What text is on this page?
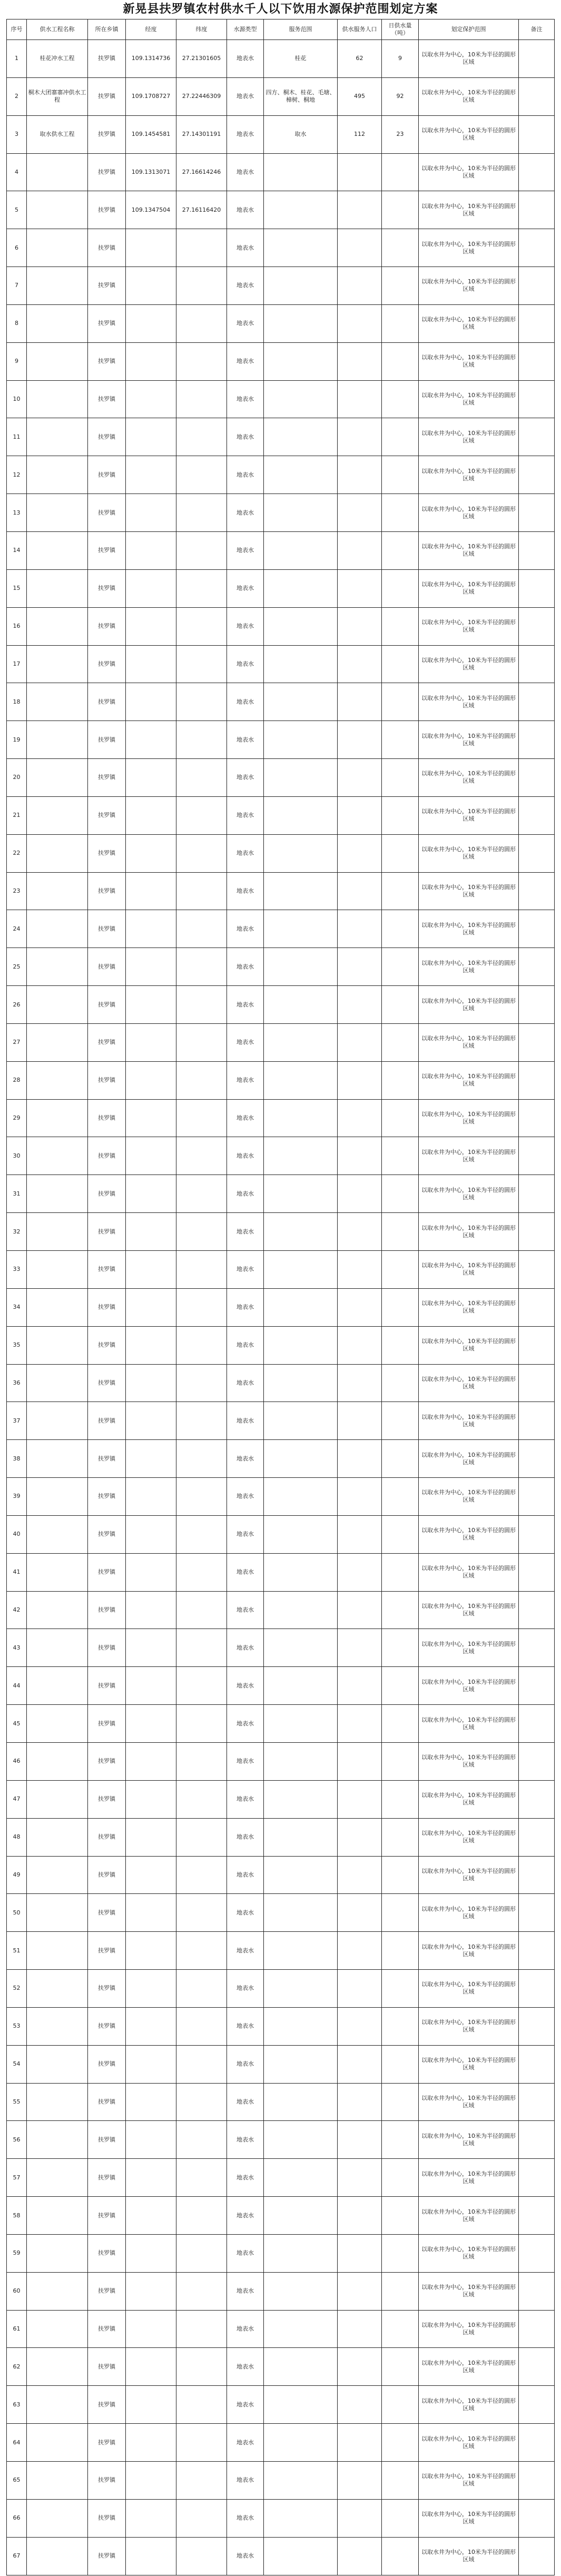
新晃县扶罗镇农村供水千人以下饮用水源保护范围划定方案
序号	供水工程名称	所在乡镇	经度	纬度	水源类型	服务范围	供水服务人口	日供水量（吨）	划定保护范围	备注
1	桂花冲水工程	扶罗镇	109.1314736	27.21301605	地表水	桂花	62	9	以取水井为中心，10米为半径的圆形区域	
2	桐木大团寨寨冲供水工程	扶罗镇	109.1708727	27.22446309	地表水	四方、桐木、桂花、毛塘、樟树、桐地	495	92	以取水井为中心，10米为半径的圆形区域	
3	取水供水工程	扶罗镇	109.1454581	27.14301191	地表水	取水	112	23	以取水井为中心，10米为半径的圆形区域	
4		扶罗镇	109.1313071	27.16614246	地表水				以取水井为中心，10米为半径的圆形区域	
5		扶罗镇	109.1347504	27.16116420	地表水				以取水井为中心，10米为半径的圆形区域	
6		扶罗镇			地表水				以取水井为中心，10米为半径的圆形区域	
7		扶罗镇			地表水				以取水井为中心，10米为半径的圆形区域	
8		扶罗镇			地表水				以取水井为中心，10米为半径的圆形区域	
9		扶罗镇			地表水				以取水井为中心，10米为半径的圆形区域	
10		扶罗镇			地表水				以取水井为中心，10米为半径的圆形区域	
11		扶罗镇			地表水				以取水井为中心，10米为半径的圆形区域	
12		扶罗镇			地表水				以取水井为中心，10米为半径的圆形区域	
13		扶罗镇			地表水				以取水井为中心，10米为半径的圆形区域	
14		扶罗镇			地表水				以取水井为中心，10米为半径的圆形区域	
15		扶罗镇			地表水				以取水井为中心，10米为半径的圆形区域	
16		扶罗镇			地表水				以取水井为中心，10米为半径的圆形区域	
17		扶罗镇			地表水				以取水井为中心，10米为半径的圆形区域	
18		扶罗镇			地表水				以取水井为中心，10米为半径的圆形区域	
19		扶罗镇			地表水				以取水井为中心，10米为半径的圆形区域	
20		扶罗镇			地表水				以取水井为中心，10米为半径的圆形区域	
21		扶罗镇			地表水				以取水井为中心，10米为半径的圆形区域	
22		扶罗镇			地表水				以取水井为中心，10米为半径的圆形区域	
23		扶罗镇			地表水				以取水井为中心，10米为半径的圆形区域	
24		扶罗镇			地表水				以取水井为中心，10米为半径的圆形区域	
25		扶罗镇			地表水				以取水井为中心，10米为半径的圆形区域	
26		扶罗镇			地表水				以取水井为中心，10米为半径的圆形区域	
27		扶罗镇			地表水				以取水井为中心，10米为半径的圆形区域	
28		扶罗镇			地表水				以取水井为中心，10米为半径的圆形区域	
29		扶罗镇			地表水				以取水井为中心，10米为半径的圆形区域	
30		扶罗镇			地表水				以取水井为中心，10米为半径的圆形区域	
31		扶罗镇			地表水				以取水井为中心，10米为半径的圆形区域	
32		扶罗镇			地表水				以取水井为中心，10米为半径的圆形区域	
33		扶罗镇			地表水				以取水井为中心，10米为半径的圆形区域	
34		扶罗镇			地表水				以取水井为中心，10米为半径的圆形区域	
35		扶罗镇			地表水				以取水井为中心，10米为半径的圆形区域	
36		扶罗镇			地表水				以取水井为中心，10米为半径的圆形区域	
37		扶罗镇			地表水				以取水井为中心，10米为半径的圆形区域	
38		扶罗镇			地表水				以取水井为中心，10米为半径的圆形区域	
39		扶罗镇			地表水				以取水井为中心，10米为半径的圆形区域	
40		扶罗镇			地表水				以取水井为中心，10米为半径的圆形区域	
41		扶罗镇			地表水				以取水井为中心，10米为半径的圆形区域	
42		扶罗镇			地表水				以取水井为中心，10米为半径的圆形区域	
43		扶罗镇			地表水				以取水井为中心，10米为半径的圆形区域	
44		扶罗镇			地表水				以取水井为中心，10米为半径的圆形区域	
45		扶罗镇			地表水				以取水井为中心，10米为半径的圆形区域	
46		扶罗镇			地表水				以取水井为中心，10米为半径的圆形区域	
47		扶罗镇			地表水				以取水井为中心，10米为半径的圆形区域	
48		扶罗镇			地表水				以取水井为中心，10米为半径的圆形区域	
49		扶罗镇			地表水				以取水井为中心，10米为半径的圆形区域	
50		扶罗镇			地表水				以取水井为中心，10米为半径的圆形区域	
51		扶罗镇			地表水				以取水井为中心，10米为半径的圆形区域	
52		扶罗镇			地表水				以取水井为中心，10米为半径的圆形区域	
53		扶罗镇			地表水				以取水井为中心，10米为半径的圆形区域	
54		扶罗镇			地表水				以取水井为中心，10米为半径的圆形区域	
55		扶罗镇			地表水				以取水井为中心，10米为半径的圆形区域	
56		扶罗镇			地表水				以取水井为中心，10米为半径的圆形区域	
57		扶罗镇			地表水				以取水井为中心，10米为半径的圆形区域	
58		扶罗镇			地表水				以取水井为中心，10米为半径的圆形区域	
59		扶罗镇			地表水				以取水井为中心，10米为半径的圆形区域	
60		扶罗镇			地表水				以取水井为中心，10米为半径的圆形区域	
61		扶罗镇			地表水				以取水井为中心，10米为半径的圆形区域	
62		扶罗镇			地表水				以取水井为中心，10米为半径的圆形区域	
63		扶罗镇			地表水				以取水井为中心，10米为半径的圆形区域	
64		扶罗镇			地表水				以取水井为中心，10米为半径的圆形区域	
65		扶罗镇			地表水				以取水井为中心，10米为半径的圆形区域	
66		扶罗镇			地表水				以取水井为中心，10米为半径的圆形区域	
67		扶罗镇			地表水				以取水井为中心，10米为半径的圆形区域	
